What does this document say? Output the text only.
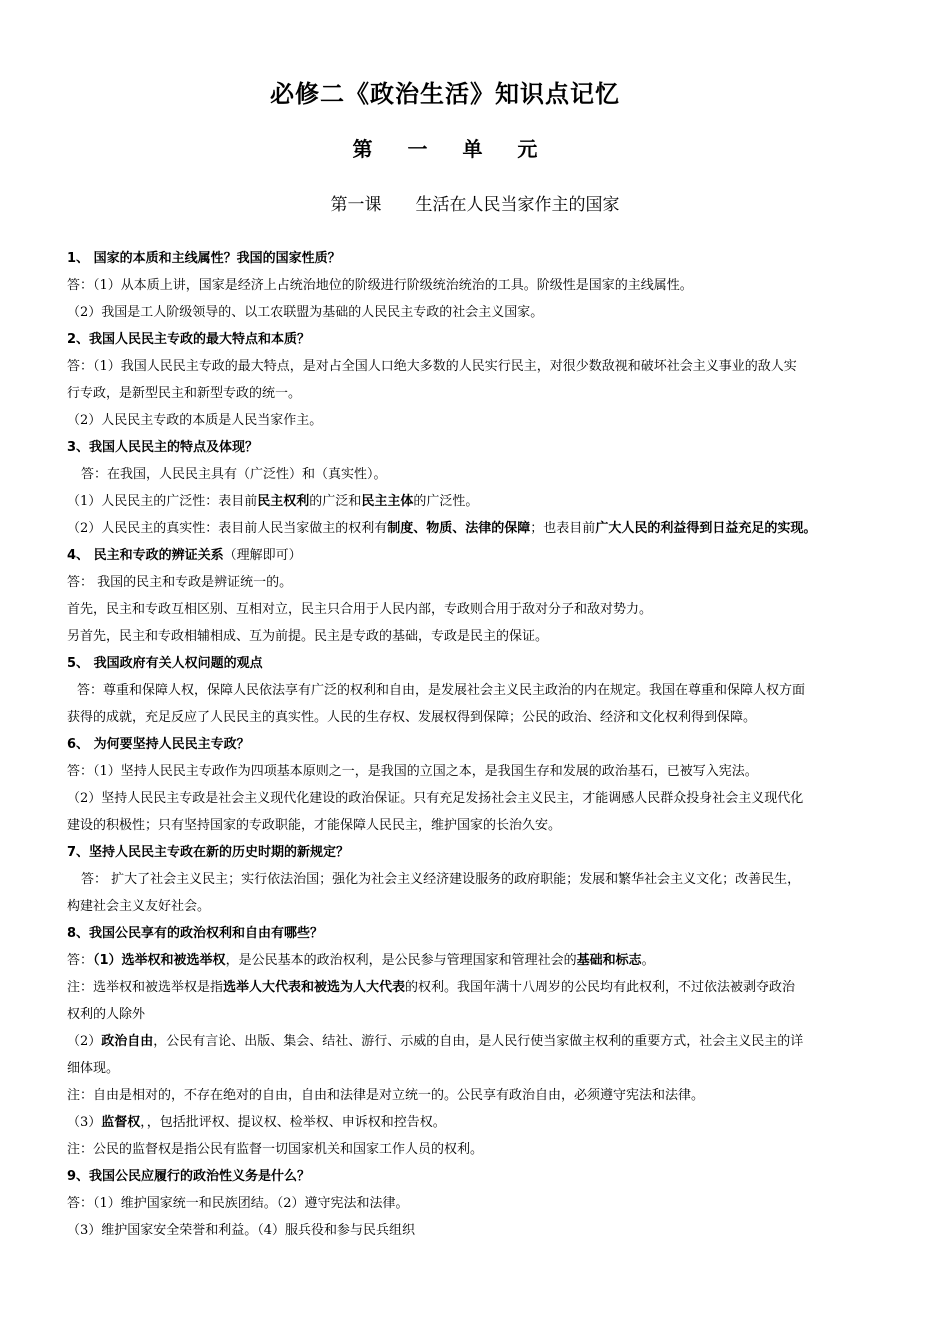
必修二《政治生活》知识点记忆
第 一 单 元
第一课 生活在人民当家作主的国家
1、 国家的本质和主线属性？我国的国家性质？
答：（1）从本质上讲，国家是经济上占统治地位的阶级进行阶级统治统治的工具。阶级性是国家的主线属性。
（2）我国是工人阶级领导的、以工农联盟为基础的人民民主专政的社会主义国家。
2、我国人民民主专政的最大特点和本质？
答：（1）我国人民民主专政的最大特点，是对占全国人口绝大多数的人民实行民主，对很少数敌视和破坏社会主义事业的敌人实
行专政，是新型民主和新型专政的统一。
（2）人民民主专政的本质是人民当家作主。
3、我国人民民主的特点及体现？
答：在我国，人民民主具有（广泛性）和（真实性）。
（1）人民民主的广泛性：表目前民主权利的广泛和民主主体的广泛性。
（2）人民民主的真实性：表目前人民当家做主的权利有制度、物质、法律的保障；也表目前广大人民的利益得到日益充足的实现。
4、 民主和专政的辨证关系（理解即可）
答： 我国的民主和专政是辨证统一的。
首先，民主和专政互相区别、互相对立，民主只合用于人民内部，专政则合用于敌对分子和敌对势力。
另首先，民主和专政相辅相成、互为前提。民主是专政的基础，专政是民主的保证。
5、 我国政府有关人权问题的观点
答：尊重和保障人权，保障人民依法享有广泛的权利和自由，是发展社会主义民主政治的内在规定。我国在尊重和保障人权方面
获得的成就，充足反应了人民民主的真实性。人民的生存权、发展权得到保障；公民的政治、经济和文化权利得到保障。
6、 为何要坚持人民民主专政？
答：（1）坚持人民民主专政作为四项基本原则之一，是我国的立国之本，是我国生存和发展的政治基石，已被写入宪法。
（2）坚持人民民主专政是社会主义现代化建设的政治保证。只有充足发扬社会主义民主，才能调感人民群众投身社会主义现代化
建设的积极性；只有坚持国家的专政职能，才能保障人民民主，维护国家的长治久安。
7、坚持人民民主专政在新的历史时期的新规定？
答： 扩大了社会主义民主；实行依法治国；强化为社会主义经济建设服务的政府职能；发展和繁华社会主义文化；改善民生，
构建社会主义友好社会。
8、我国公民享有的政治权利和自由有哪些？
答：（1）选举权和被选举权，是公民基本的政治权利，是公民参与管理国家和管理社会的基础和标志。
注：选举权和被选举权是指选举人大代表和被选为人大代表的权利。我国年满十八周岁的公民均有此权利，不过依法被剥夺政治
权利的人除外
（2）政治自由，公民有言论、出版、集会、结社、游行、示威的自由，是人民行使当家做主权利的重要方式，社会主义民主的详
细体现。
注：自由是相对的，不存在绝对的自由，自由和法律是对立统一的。公民享有政治自由，必须遵守宪法和法律。
（3）监督权，，包括批评权、提议权、检举权、申诉权和控告权。
注：公民的监督权是指公民有监督一切国家机关和国家工作人员的权利。
9、我国公民应履行的政治性义务是什么？
答：（1）维护国家统一和民族团结。（2）遵守宪法和法律。
（3）维护国家安全荣誉和利益。（4）服兵役和参与民兵组织
